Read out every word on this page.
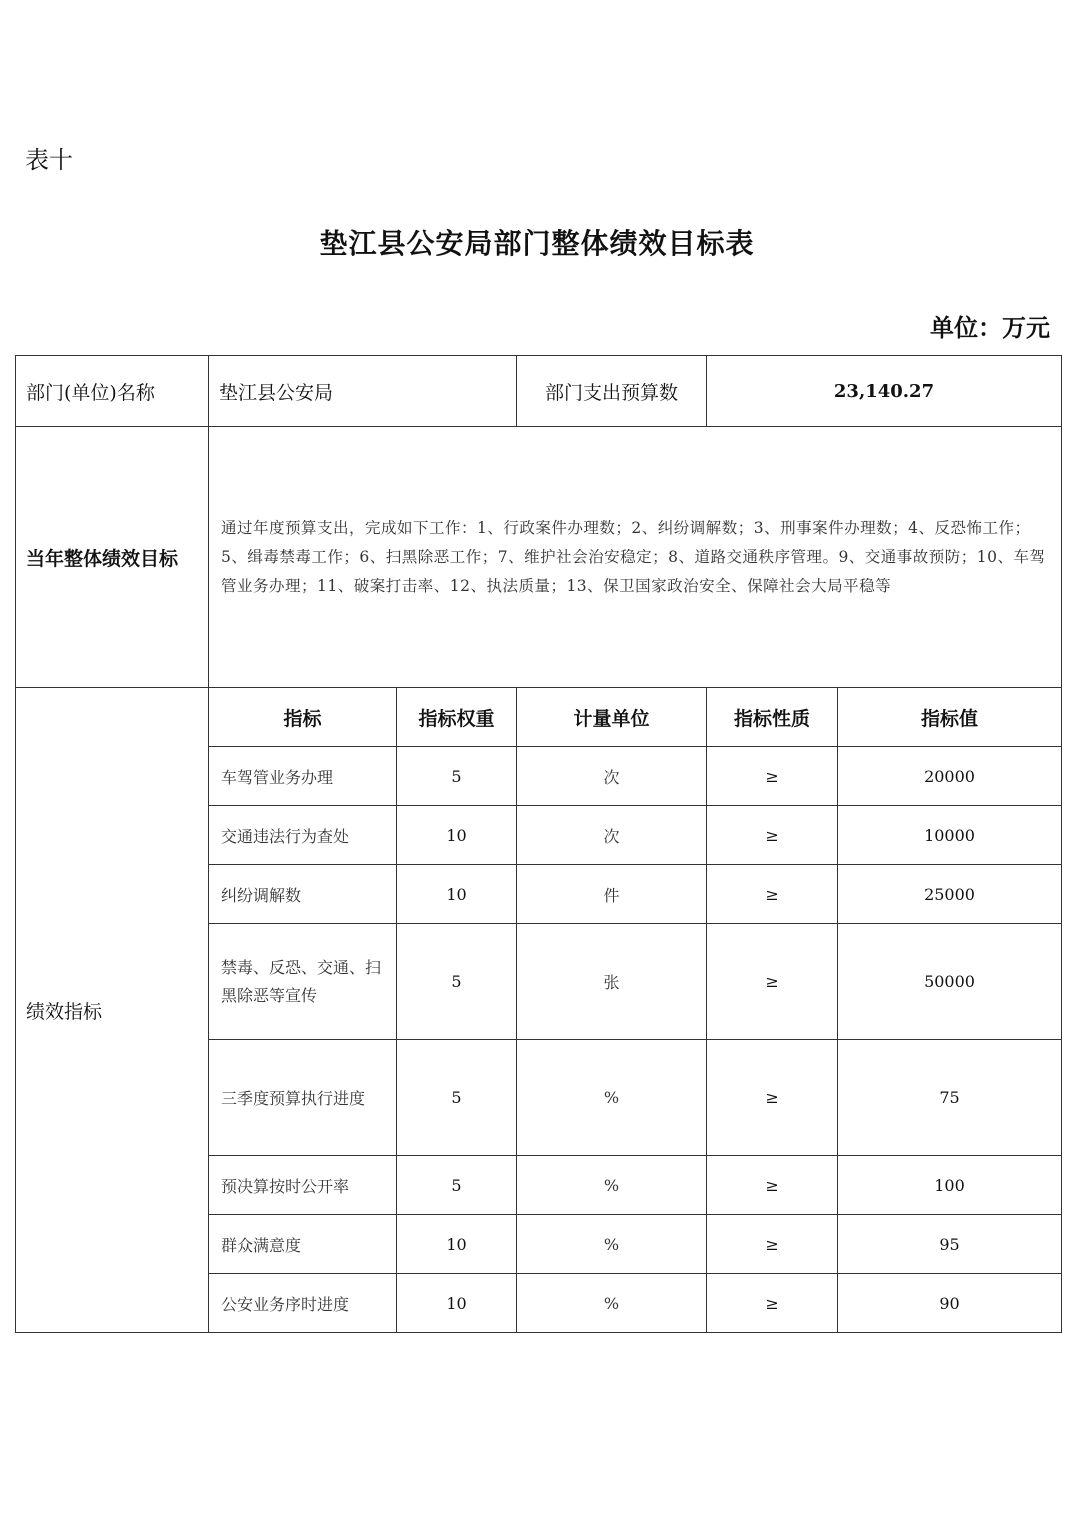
表十
垫江县公安局部门整体绩效目标表
单位：万元
部门(单位)名称	垫江县公安局		部门支出预算数	23,140.27	
当年整体绩效目标	通过年度预算支出，完成如下工作：1、行政案件办理数；2、纠纷调解数；3、刑事案件办理数；4、反恐怖工作；5、缉毒禁毒工作；6、扫黑除恶工作；7、维护社会治安稳定；8、道路交通秩序管理。9、交通事故预防；10、车驾管业务办理；11、破案打击率、12、执法质量；13、保卫国家政治安全、保障社会大局平稳等				
绩效指标	指标	指标权重	计量单位	指标性质	指标值
	车驾管业务办理	5	次	≥	20000
	交通违法行为查处	10	次	≥	10000
	纠纷调解数	10	件	≥	25000
	禁毒、反恐、交通、扫黑除恶等宣传	5	张	≥	50000
	三季度预算执行进度	5	%	≥	75
	预决算按时公开率	5	%	≥	100
	群众满意度	10	%	≥	95
	公安业务序时进度	10	%	≥	90
